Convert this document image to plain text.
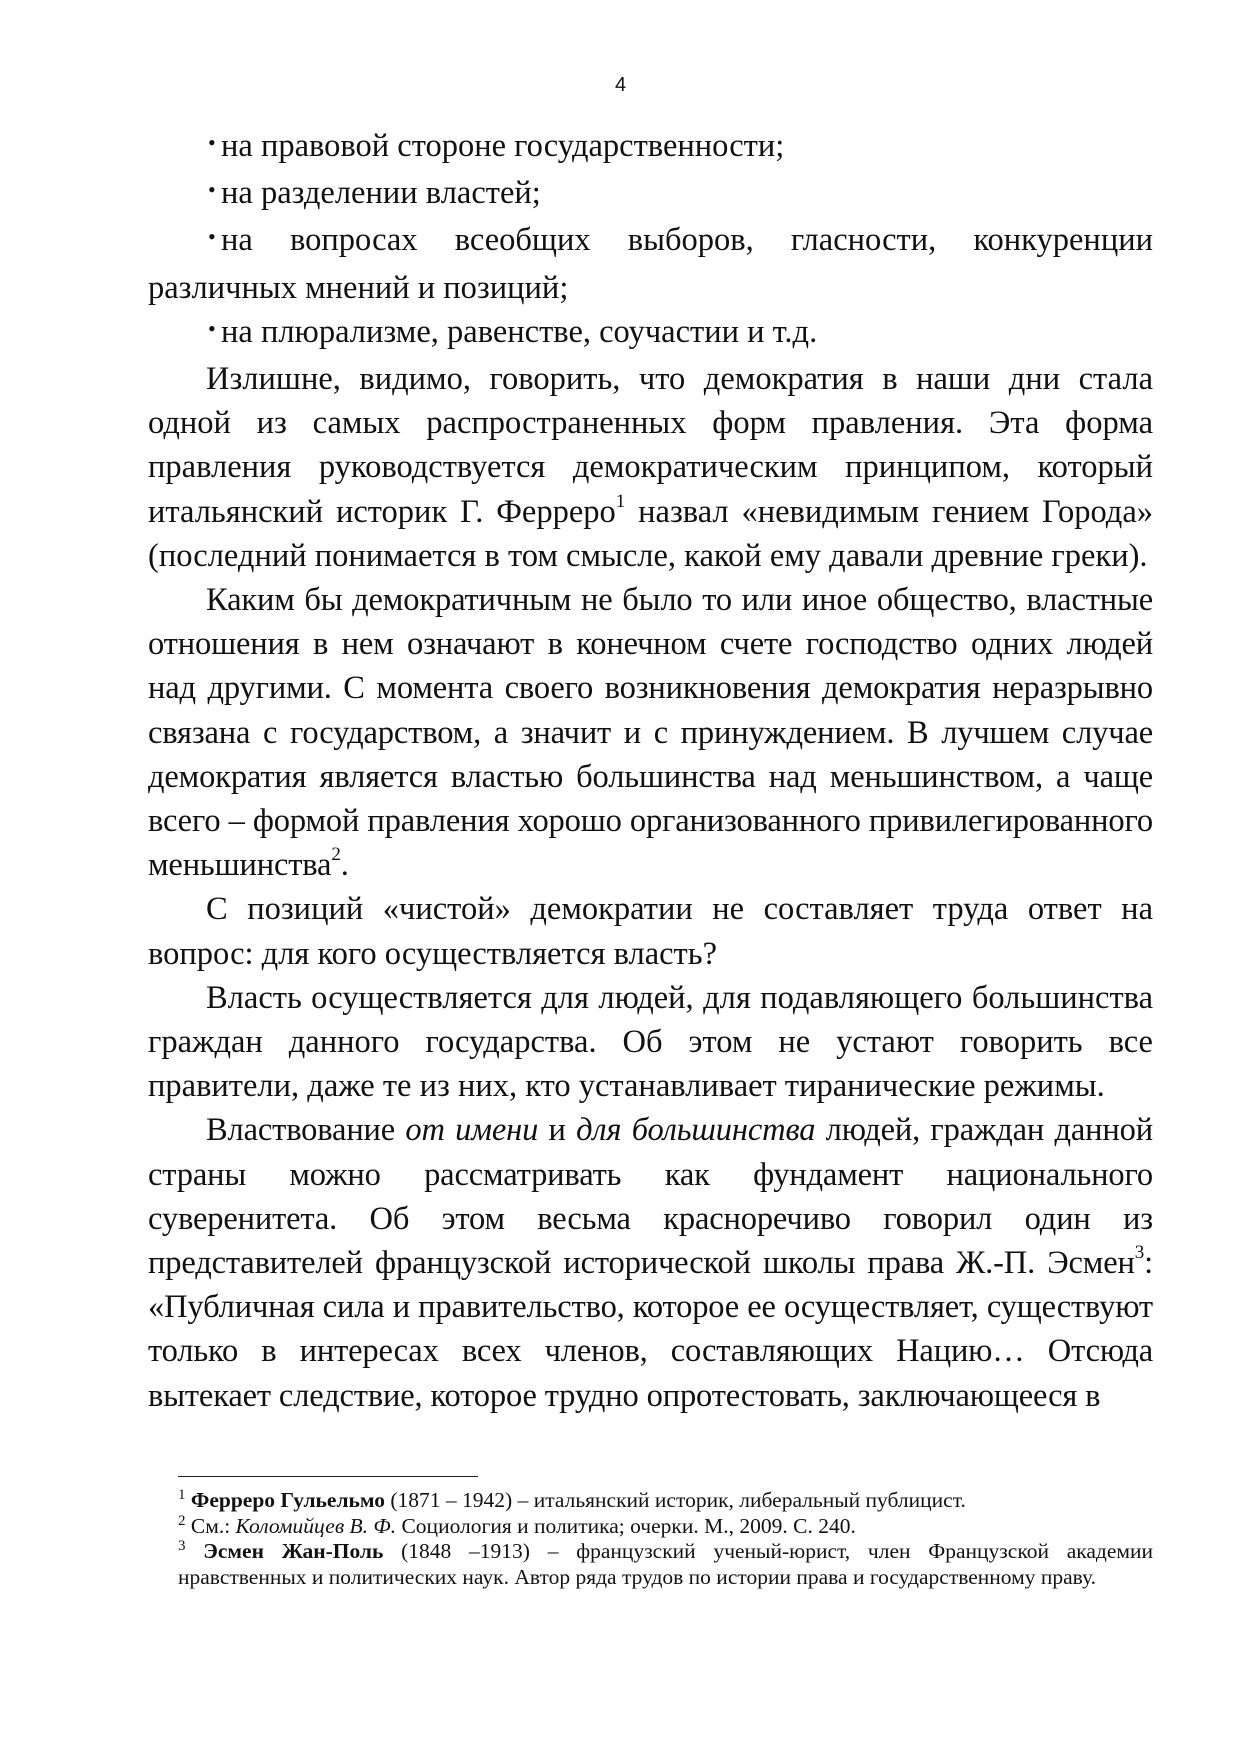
4

• на правовой стороне государственности;

• на разделении властей;

• на вопросах всеобщих выборов, гласности, конкуренции различных мнений и позиций;

• на плюрализме, равенстве, соучастии и т.д.

Излишне, видимо, говорить, что демократия в наши дни стала одной из самых распространенных форм правления. Эта форма правления руководствуется демократическим принципом, который итальянский историк Г. Ферреро$^1$ назвал «невидимым гением Города» (последний понимается в том смысле, какой ему давали древние греки).

Каким бы демократичным не было то или иное общество, властные отношения в нем означают в конечном счете господство одних людей над другими. С момента своего возникновения демократия неразрывно связана с государством, а значит и с принуждением. В лучшем случае демократия является властью большинства над меньшинством, а чаще всего – формой правления хорошо организованного привилегированного меньшинства$^2$.

С позиций «чистой» демократии не составляет труда ответ на вопрос: для кого осуществляется власть?

Власть осуществляется для людей, для подавляющего большинства граждан данного государства. Об этом не устают говорить все правители, даже те из них, кто устанавливает тиранические режимы.

Властвование от имени и для большинства людей, граждан данной страны можно рассматривать как фундамент национального суверенитета. Об этом весьма красноречиво говорил один из представителей французской исторической школы права Ж.-П. Эсмен$^3$: «Публичная сила и правительство, которое ее осуществляет, существуют только в интересах всех членов, составляющих Нацию… Отсюда вытекает следствие, которое трудно опротестовать, заключающееся в

$^1$ Ферреро Гульельмо (1871 – 1942) – итальянский историк, либеральный публицист.

$^2$ См.: Коломийцев В. Ф. Социология и политика; очерки. М., 2009. С. 240.

$^3$ Эсмен Жан-Поль (1848 –1913) – французский ученый-юрист, член Французской академии нравственных и политических наук. Автор ряда трудов по истории права и государственному праву.
